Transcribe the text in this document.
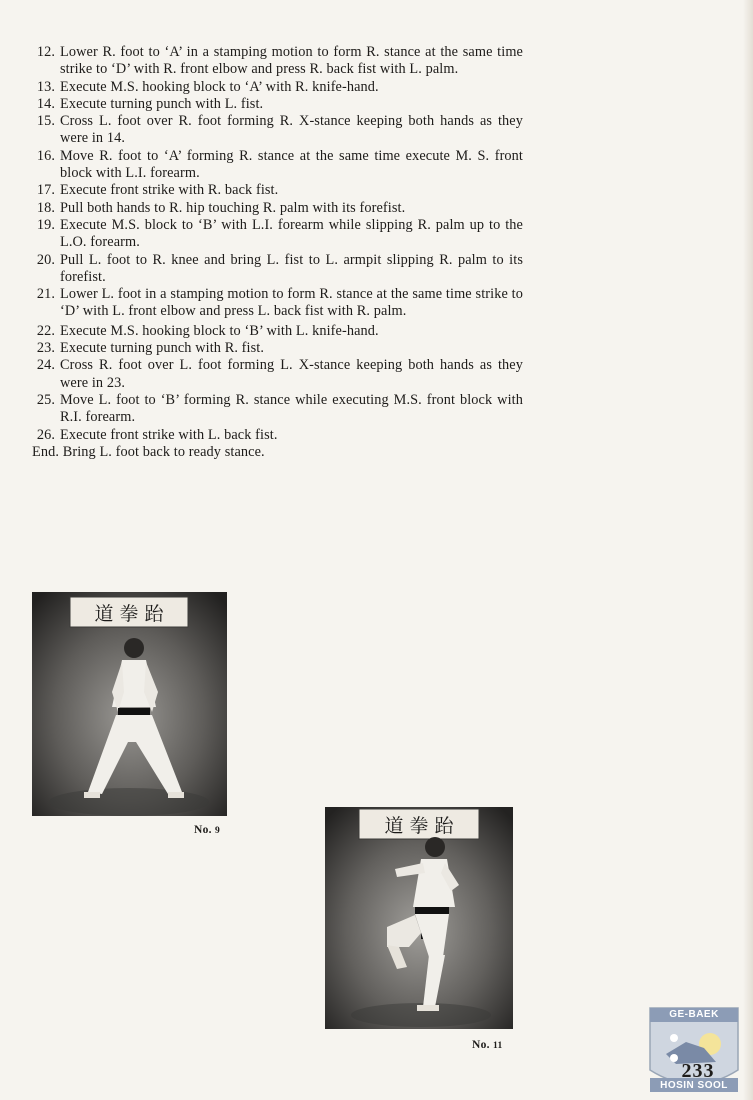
12. Lower R. foot to ‘A’ in a stamping motion to form R. stance at the same time strike to ‘D’ with R. front elbow and press R. back fist with L. palm.
13. Execute M.S. hooking block to ‘A’ with R. knife-hand.
14. Execute turning punch with L. fist.
15. Cross L. foot over R. foot forming R. X-stance keeping both hands as they were in 14.
16. Move R. foot to ‘A’ forming R. stance at the same time execute M. S. front block with L.I. forearm.
17. Execute front strike with R. back fist.
18. Pull both hands to R. hip touching R. palm with its forefist.
19. Execute M.S. block to ‘B’ with L.I. forearm while slipping R. palm up to the L.O. forearm.
20. Pull L. foot to R. knee and bring L. fist to L. armpit slipping R. palm to its forefist.
21. Lower L. foot in a stamping motion to form R. stance at the same time strike to ‘D’ with L. front elbow and press L. back fist with R. palm.
22. Execute M.S. hooking block to ‘B’ with L. knife-hand.
23. Execute turning punch with R. fist.
24. Cross R. foot over L. foot forming L. X-stance keeping both hands as they were in 23.
25. Move L. foot to ‘B’ forming R. stance while executing M.S. front block with R.I. forearm.
26. Execute front strike with L. back fist.
End. Bring L. foot back to ready stance.
道 拳 跆
No. 9	道 拳 跆
No. 11
GE-BAEK
HOSIN SOOL
233
